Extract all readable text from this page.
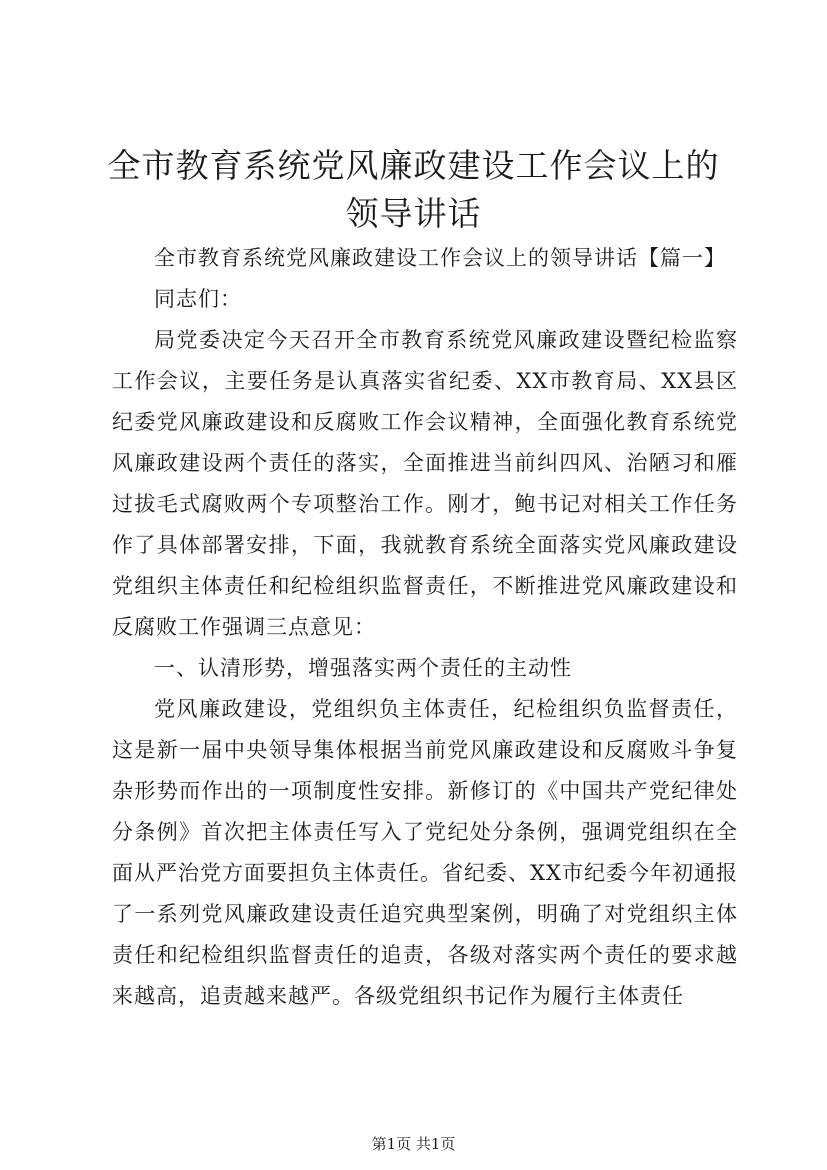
全市教育系统党风廉政建设工作会议上的领导讲话

全市教育系统党风廉政建设工作会议上的领导讲话【篇一】

同志们：

局党委决定今天召开全市教育系统党风廉政建设暨纪检监察工作会议，主要任务是认真落实省纪委、XX市教育局、XX县区纪委党风廉政建设和反腐败工作会议精神，全面强化教育系统党风廉政建设两个责任的落实，全面推进当前纠四风、治陋习和雁过拔毛式腐败两个专项整治工作。刚才，鲍书记对相关工作任务作了具体部署安排，下面，我就教育系统全面落实党风廉政建设党组织主体责任和纪检组织监督责任，不断推进党风廉政建设和反腐败工作强调三点意见：

一、认清形势，增强落实两个责任的主动性

党风廉政建设，党组织负主体责任，纪检组织负监督责任，这是新一届中央领导集体根据当前党风廉政建设和反腐败斗争复杂形势而作出的一项制度性安排。新修订的《中国共产党纪律处分条例》首次把主体责任写入了党纪处分条例，强调党组织在全面从严治党方面要担负主体责任。省纪委、XX市纪委今年初通报了一系列党风廉政建设责任追究典型案例，明确了对党组织主体责任和纪检组织监督责任的追责，各级对落实两个责任的要求越来越高，追责越来越严。各级党组织书记作为履行主体责任

第1页 共1页
